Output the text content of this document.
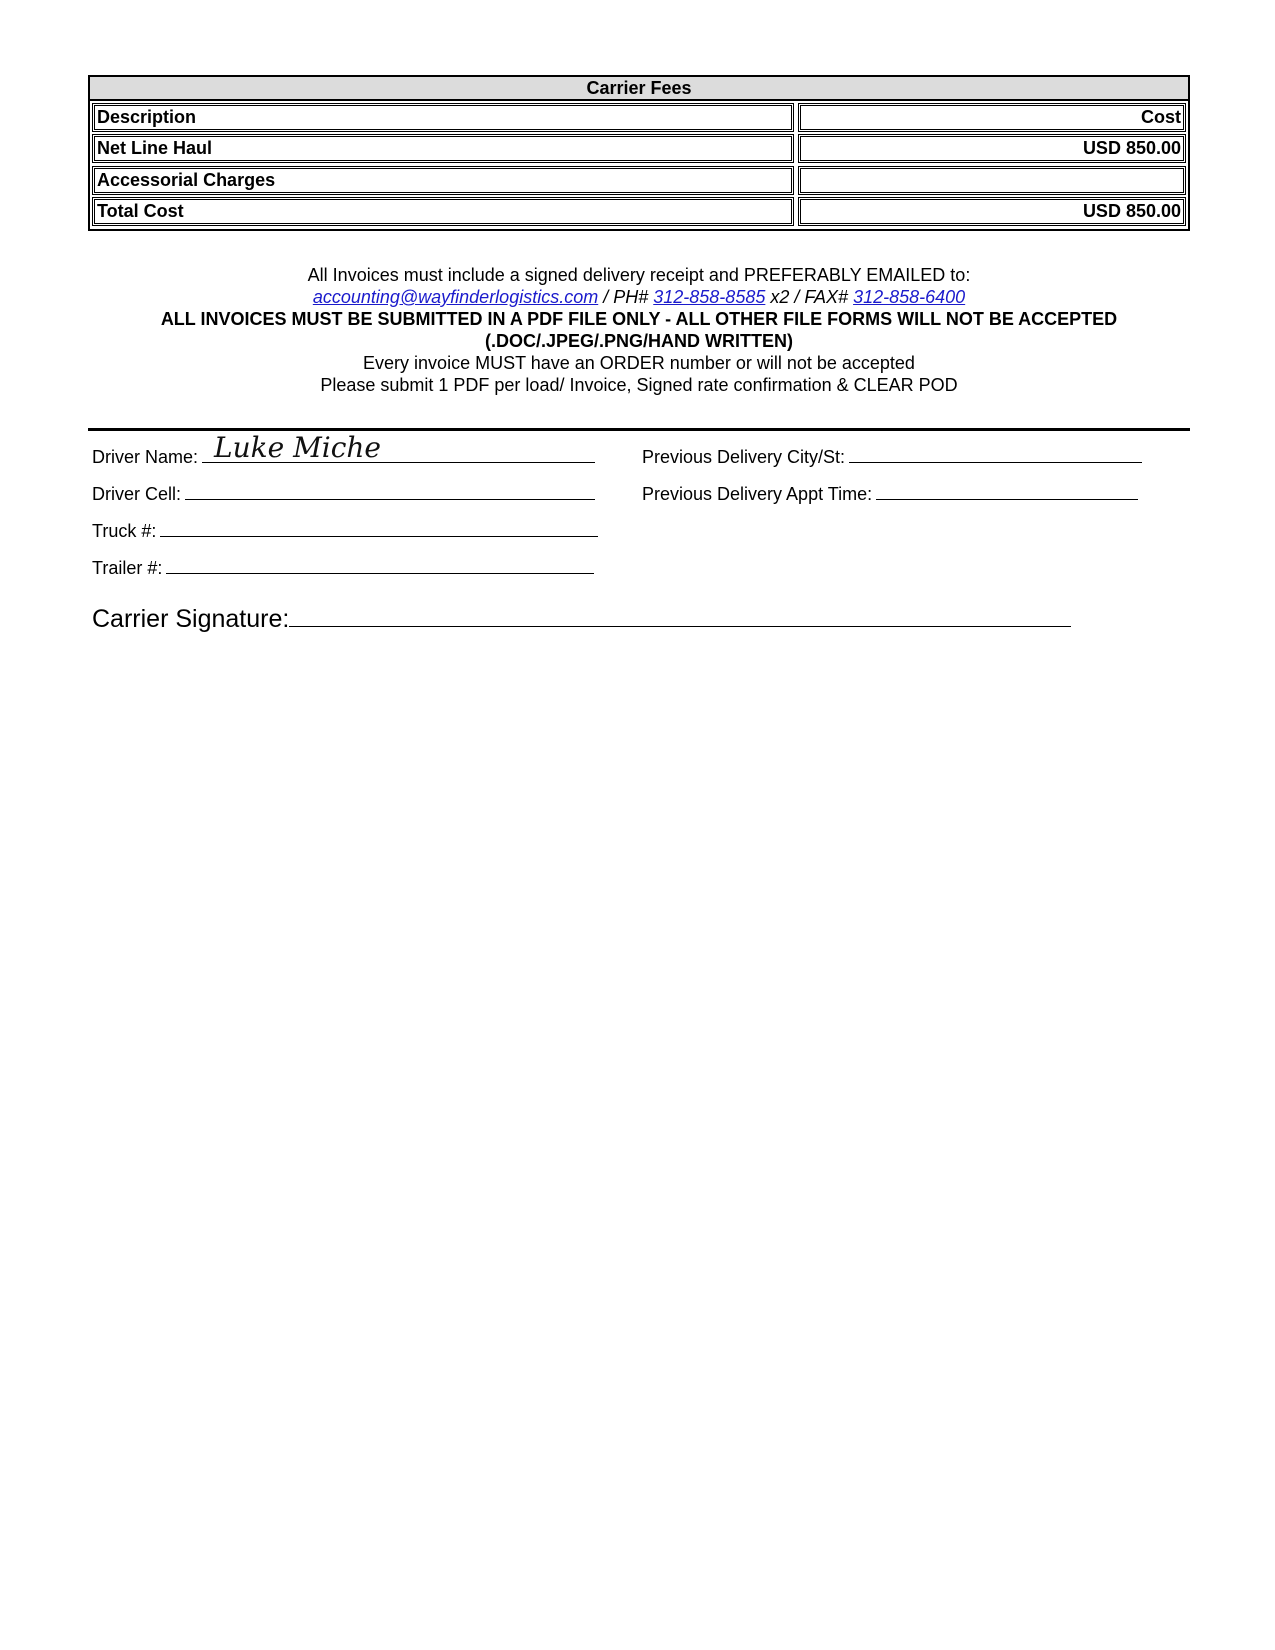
Carrier Fees
Description	Cost
Net Line Haul	USD 850.00
Accessorial Charges
Total Cost	USD 850.00
All Invoices must include a signed delivery receipt and PREFERABLY EMAILED to:
accounting@wayfinderlogistics.com / PH# 312-858-8585 x2 / FAX# 312-858-6400
ALL INVOICES MUST BE SUBMITTED IN A PDF FILE ONLY - ALL OTHER FILE FORMS WILL NOT BE ACCEPTED
(.DOC/.JPEG/.PNG/HAND WRITTEN)
Every invoice MUST have an ORDER number or will not be accepted
Please submit 1 PDF per load/ Invoice, Signed rate confirmation & CLEAR POD
Driver Name: Luke Miche
Driver Cell:
Truck #:
Trailer #:
Previous Delivery City/St:
Previous Delivery Appt Time:
Carrier Signature:
